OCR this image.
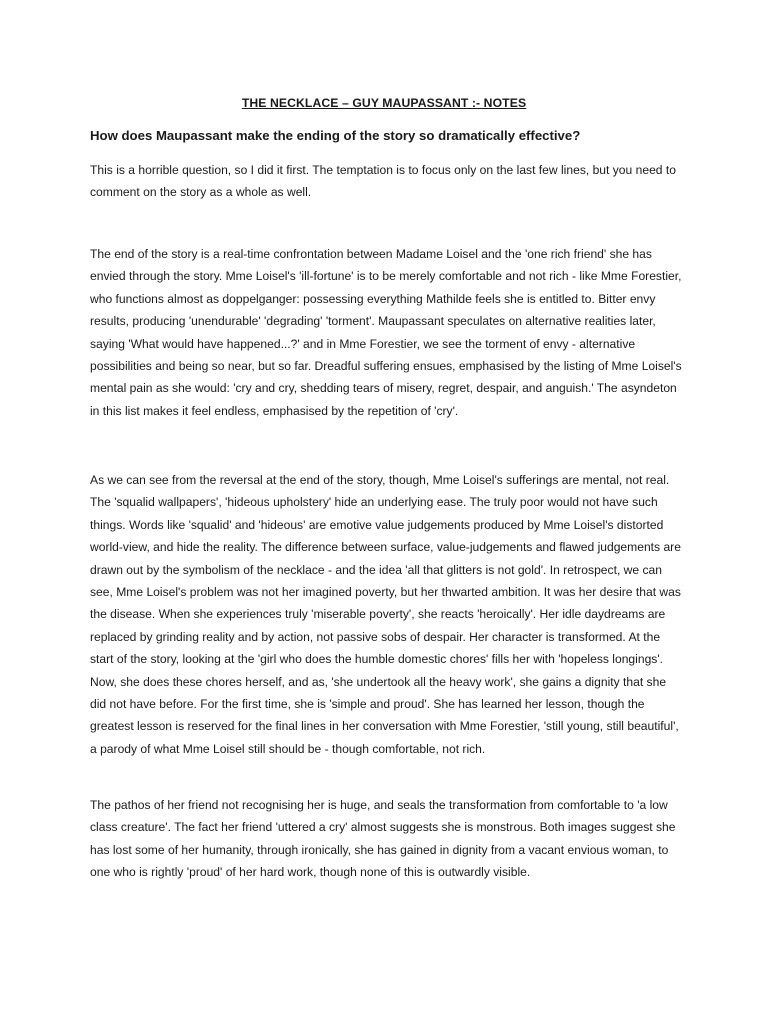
THE NECKLACE – GUY MAUPASSANT :- NOTES
How does Maupassant make the ending of the story so dramatically effective?

This is a horrible question, so I did it first. The temptation is to focus only on the last few lines, but you need to comment on the story as a whole as well.

The end of the story is a real-time confrontation between Madame Loisel and the 'one rich friend' she has envied through the story. Mme Loisel's 'ill-fortune' is to be merely comfortable and not rich - like Mme Forestier, who functions almost as doppelganger: possessing everything Mathilde feels she is entitled to. Bitter envy results, producing 'unendurable' 'degrading' 'torment'. Maupassant speculates on alternative realities later, saying 'What would have happened...?' and in Mme Forestier, we see the torment of envy - alternative possibilities and being so near, but so far. Dreadful suffering ensues, emphasised by the listing of Mme Loisel's mental pain as she would: 'cry and cry, shedding tears of misery, regret, despair, and anguish.' The asyndeton in this list makes it feel endless, emphasised by the repetition of 'cry'.

As we can see from the reversal at the end of the story, though, Mme Loisel's sufferings are mental, not real. The 'squalid wallpapers', 'hideous upholstery' hide an underlying ease. The truly poor would not have such things. Words like 'squalid' and 'hideous' are emotive value judgements produced by Mme Loisel's distorted world-view, and hide the reality. The difference between surface, value-judgements and flawed judgements are drawn out by the symbolism of the necklace - and the idea 'all that glitters is not gold'. In retrospect, we can see, Mme Loisel's problem was not her imagined poverty, but her thwarted ambition. It was her desire that was the disease. When she experiences truly 'miserable poverty', she reacts 'heroically'. Her idle daydreams are replaced by grinding reality and by action, not passive sobs of despair. Her character is transformed. At the start of the story, looking at the 'girl who does the humble domestic chores' fills her with 'hopeless longings'. Now, she does these chores herself, and as, 'she undertook all the heavy work', she gains a dignity that she did not have before. For the first time, she is 'simple and proud'. She has learned her lesson, though the greatest lesson is reserved for the final lines in her conversation with Mme Forestier, 'still young, still beautiful', a parody of what Mme Loisel still should be - though comfortable, not rich.

The pathos of her friend not recognising her is huge, and seals the transformation from comfortable to 'a low class creature'. The fact her friend 'uttered a cry' almost suggests she is monstrous. Both images suggest she has lost some of her humanity, through ironically, she has gained in dignity from a vacant envious woman, to one who is rightly 'proud' of her hard work, though none of this is outwardly visible.
